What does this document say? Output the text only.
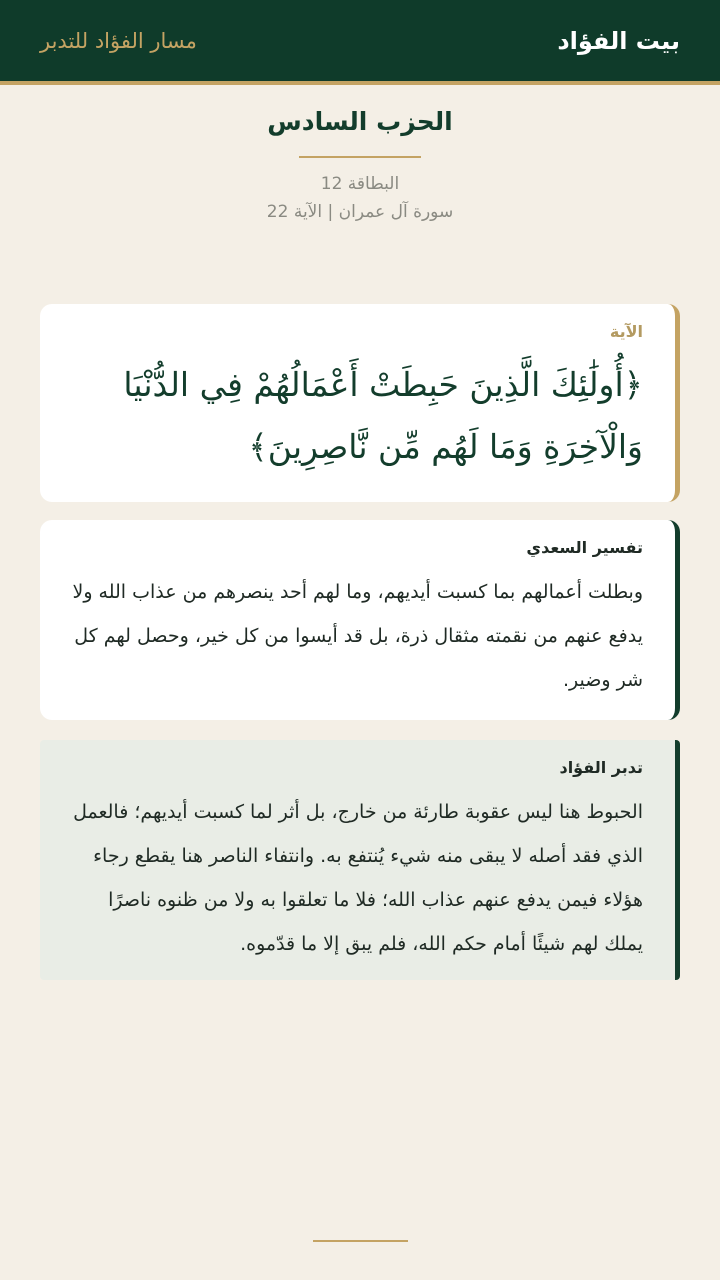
بيت الفؤاد
مسار الفؤاد للتدبر
الحزب السادس
البطاقة 12
سورة آل عمران | الآية 22
الآية
﴿أُولَٰئِكَ الَّذِينَ حَبِطَتْ أَعْمَالُهُمْ فِي الدُّنْيَا وَالْآخِرَةِ وَمَا لَهُم مِّن نَّاصِرِينَ﴾
تفسير السعدي
وبطلت أعمالهم بما كسبت أيديهم، وما لهم أحد ينصرهم من عذاب الله ولا يدفع عنهم من نقمته مثقال ذرة، بل قد أيسوا من كل خير، وحصل لهم كل شر وضير.
تدبر الفؤاد
الحبوط هنا ليس عقوبة طارئة من خارج، بل أثر لما كسبت أيديهم؛ فالعمل الذي فقد أصله لا يبقى منه شيء يُنتفع به. وانتفاء الناصر هنا يقطع رجاء هؤلاء فيمن يدفع عنهم عذاب الله؛ فلا ما تعلقوا به ولا من ظنوه ناصرًا يملك لهم شيئًا أمام حكم الله، فلم يبق إلا ما قدّموه.
